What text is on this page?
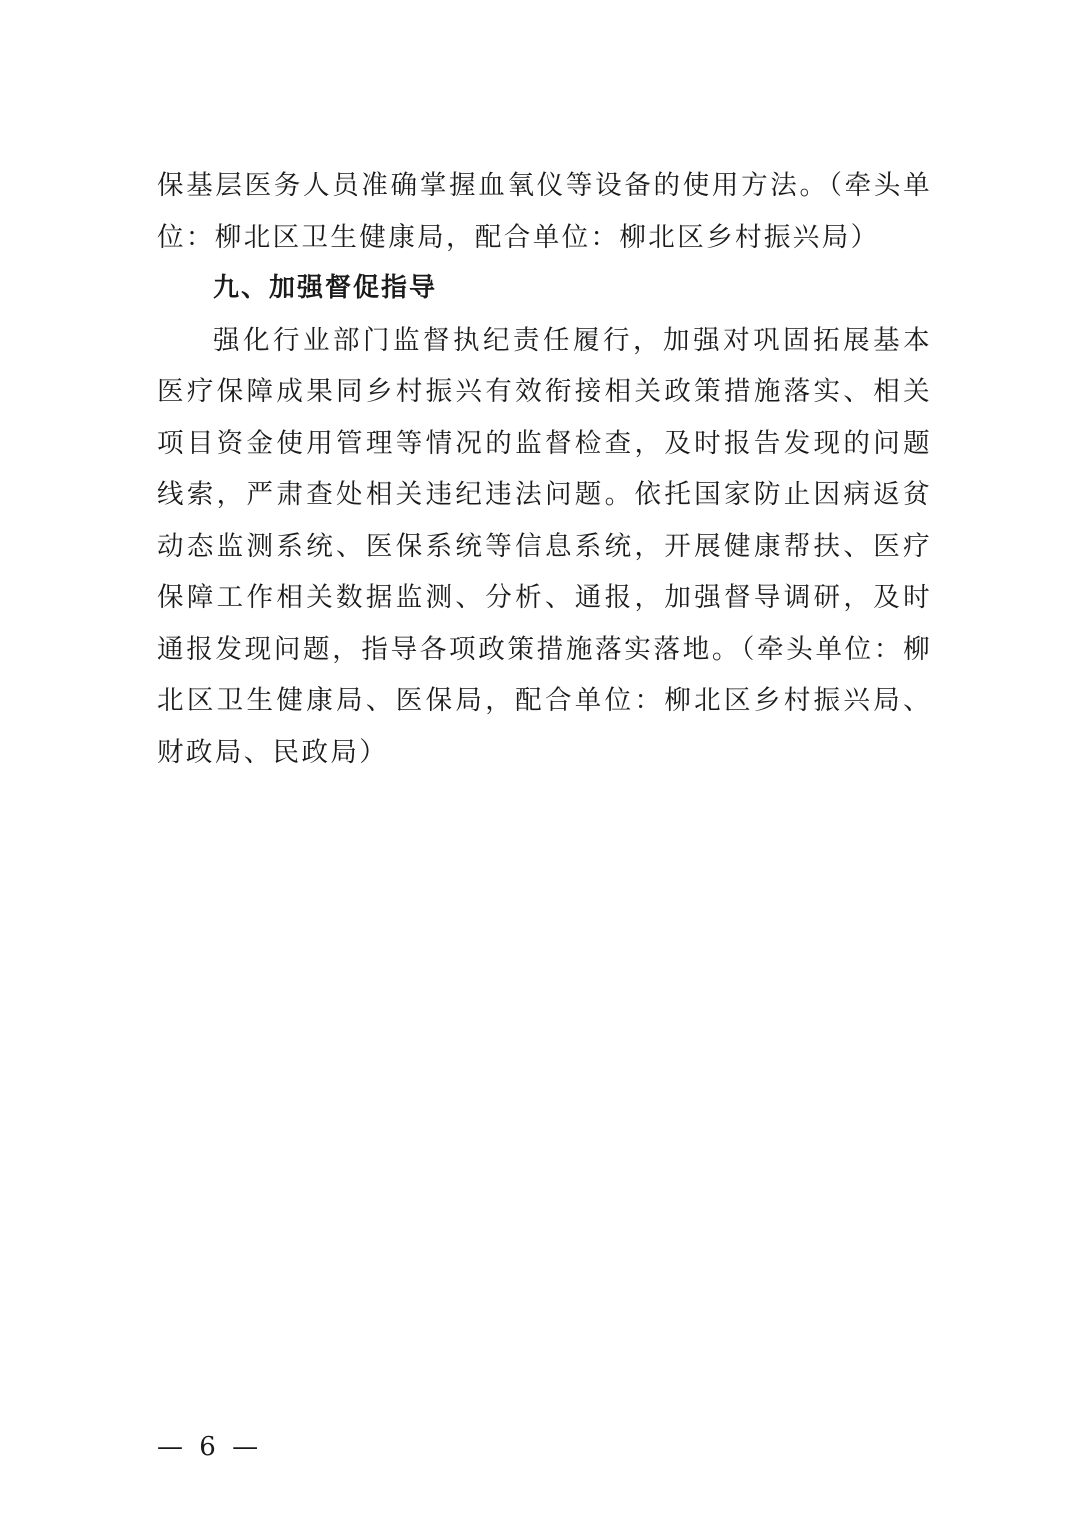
保基层医务人员准确掌握血氧仪等设备的使用方法。（牵头单位：柳北区卫生健康局，配合单位：柳北区乡村振兴局）

九、加强督促指导

强化行业部门监督执纪责任履行，加强对巩固拓展基本医疗保障成果同乡村振兴有效衔接相关政策措施落实、相关项目资金使用管理等情况的监督检查，及时报告发现的问题线索，严肃查处相关违纪违法问题。依托国家防止因病返贫动态监测系统、医保系统等信息系统，开展健康帮扶、医疗保障工作相关数据监测、分析、通报，加强督导调研，及时通报发现问题，指导各项政策措施落实落地。（牵头单位：柳北区卫生健康局、医保局，配合单位：柳北区乡村振兴局、财政局、民政局）

— 6 —
